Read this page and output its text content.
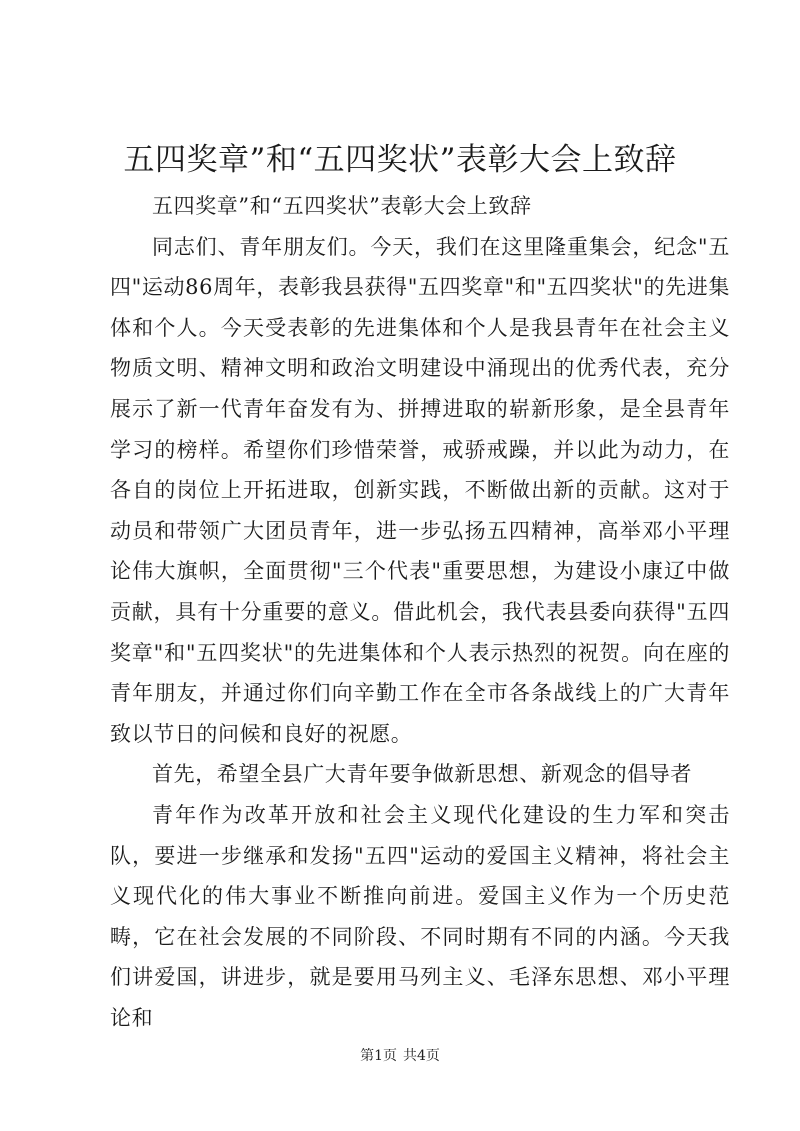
五四奖章”和“五四奖状”表彰大会上致辞

五四奖章”和“五四奖状”表彰大会上致辞

同志们、青年朋友们。今天，我们在这里隆重集会，纪念"五四"运动86周年，表彰我县获得"五四奖章"和"五四奖状"的先进集体和个人。今天受表彰的先进集体和个人是我县青年在社会主义物质文明、精神文明和政治文明建设中涌现出的优秀代表，充分展示了新一代青年奋发有为、拼搏进取的崭新形象，是全县青年学习的榜样。希望你们珍惜荣誉，戒骄戒躁，并以此为动力，在各自的岗位上开拓进取，创新实践，不断做出新的贡献。这对于动员和带领广大团员青年，进一步弘扬五四精神，高举邓小平理论伟大旗帜，全面贯彻"三个代表"重要思想，为建设小康辽中做贡献，具有十分重要的意义。借此机会，我代表县委向获得"五四奖章"和"五四奖状"的先进集体和个人表示热烈的祝贺。向在座的青年朋友，并通过你们向辛勤工作在全市各条战线上的广大青年致以节日的问候和良好的祝愿。

首先，希望全县广大青年要争做新思想、新观念的倡导者

青年作为改革开放和社会主义现代化建设的生力军和突击队，要进一步继承和发扬"五四"运动的爱国主义精神，将社会主义现代化的伟大事业不断推向前进。爱国主义作为一个历史范畴，它在社会发展的不同阶段、不同时期有不同的内涵。今天我们讲爱国，讲进步，就是要用马列主义、毛泽东思想、邓小平理论和

第1页 共4页
